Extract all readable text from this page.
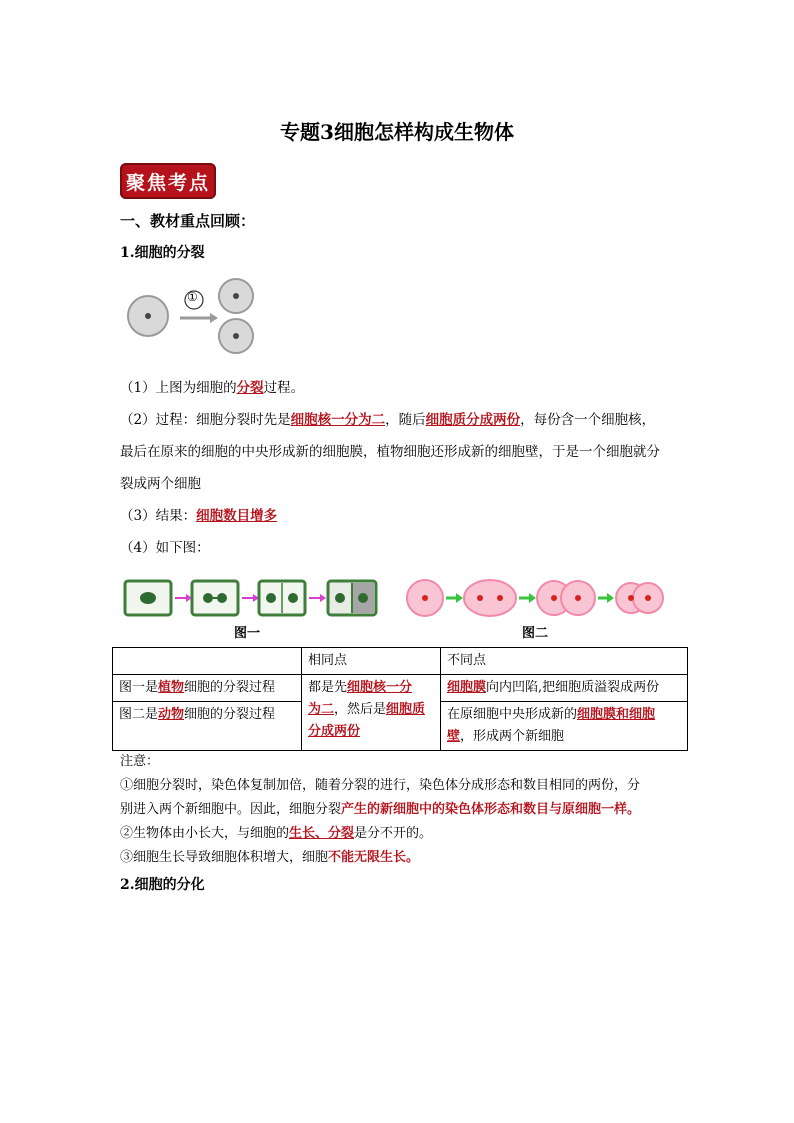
专题3细胞怎样构成生物体
聚焦考点
一、教材重点回顾：
1.细胞的分裂
①
（1）上图为细胞的分裂过程。
（2）过程：细胞分裂时先是细胞核一分为二，随后细胞质分成两份，每份含一个细胞核，
最后在原来的细胞的中央形成新的细胞膜，植物细胞还形成新的细胞壁，于是一个细胞就分
裂成两个细胞
（3）结果：细胞数目增多
（4）如下图：
图一	图二
	相同点	不同点
图一是植物细胞的分裂过程	都是先细胞核一分
为二，然后是细胞质
分成两份	细胞膜向内凹陷,把细胞质溢裂成两份
图二是动物细胞的分裂过程		在原细胞中央形成新的细胞膜和细胞
壁，形成两个新细胞
注意：
①细胞分裂时，染色体复制加倍，随着分裂的进行，染色体分成形态和数目相同的两份，分
别进入两个新细胞中。因此，细胞分裂产生的新细胞中的染色体形态和数目与原细胞一样。
②生物体由小长大，与细胞的生长、分裂是分不开的。
③细胞生长导致细胞体积增大，细胞不能无限生长。
2.细胞的分化
